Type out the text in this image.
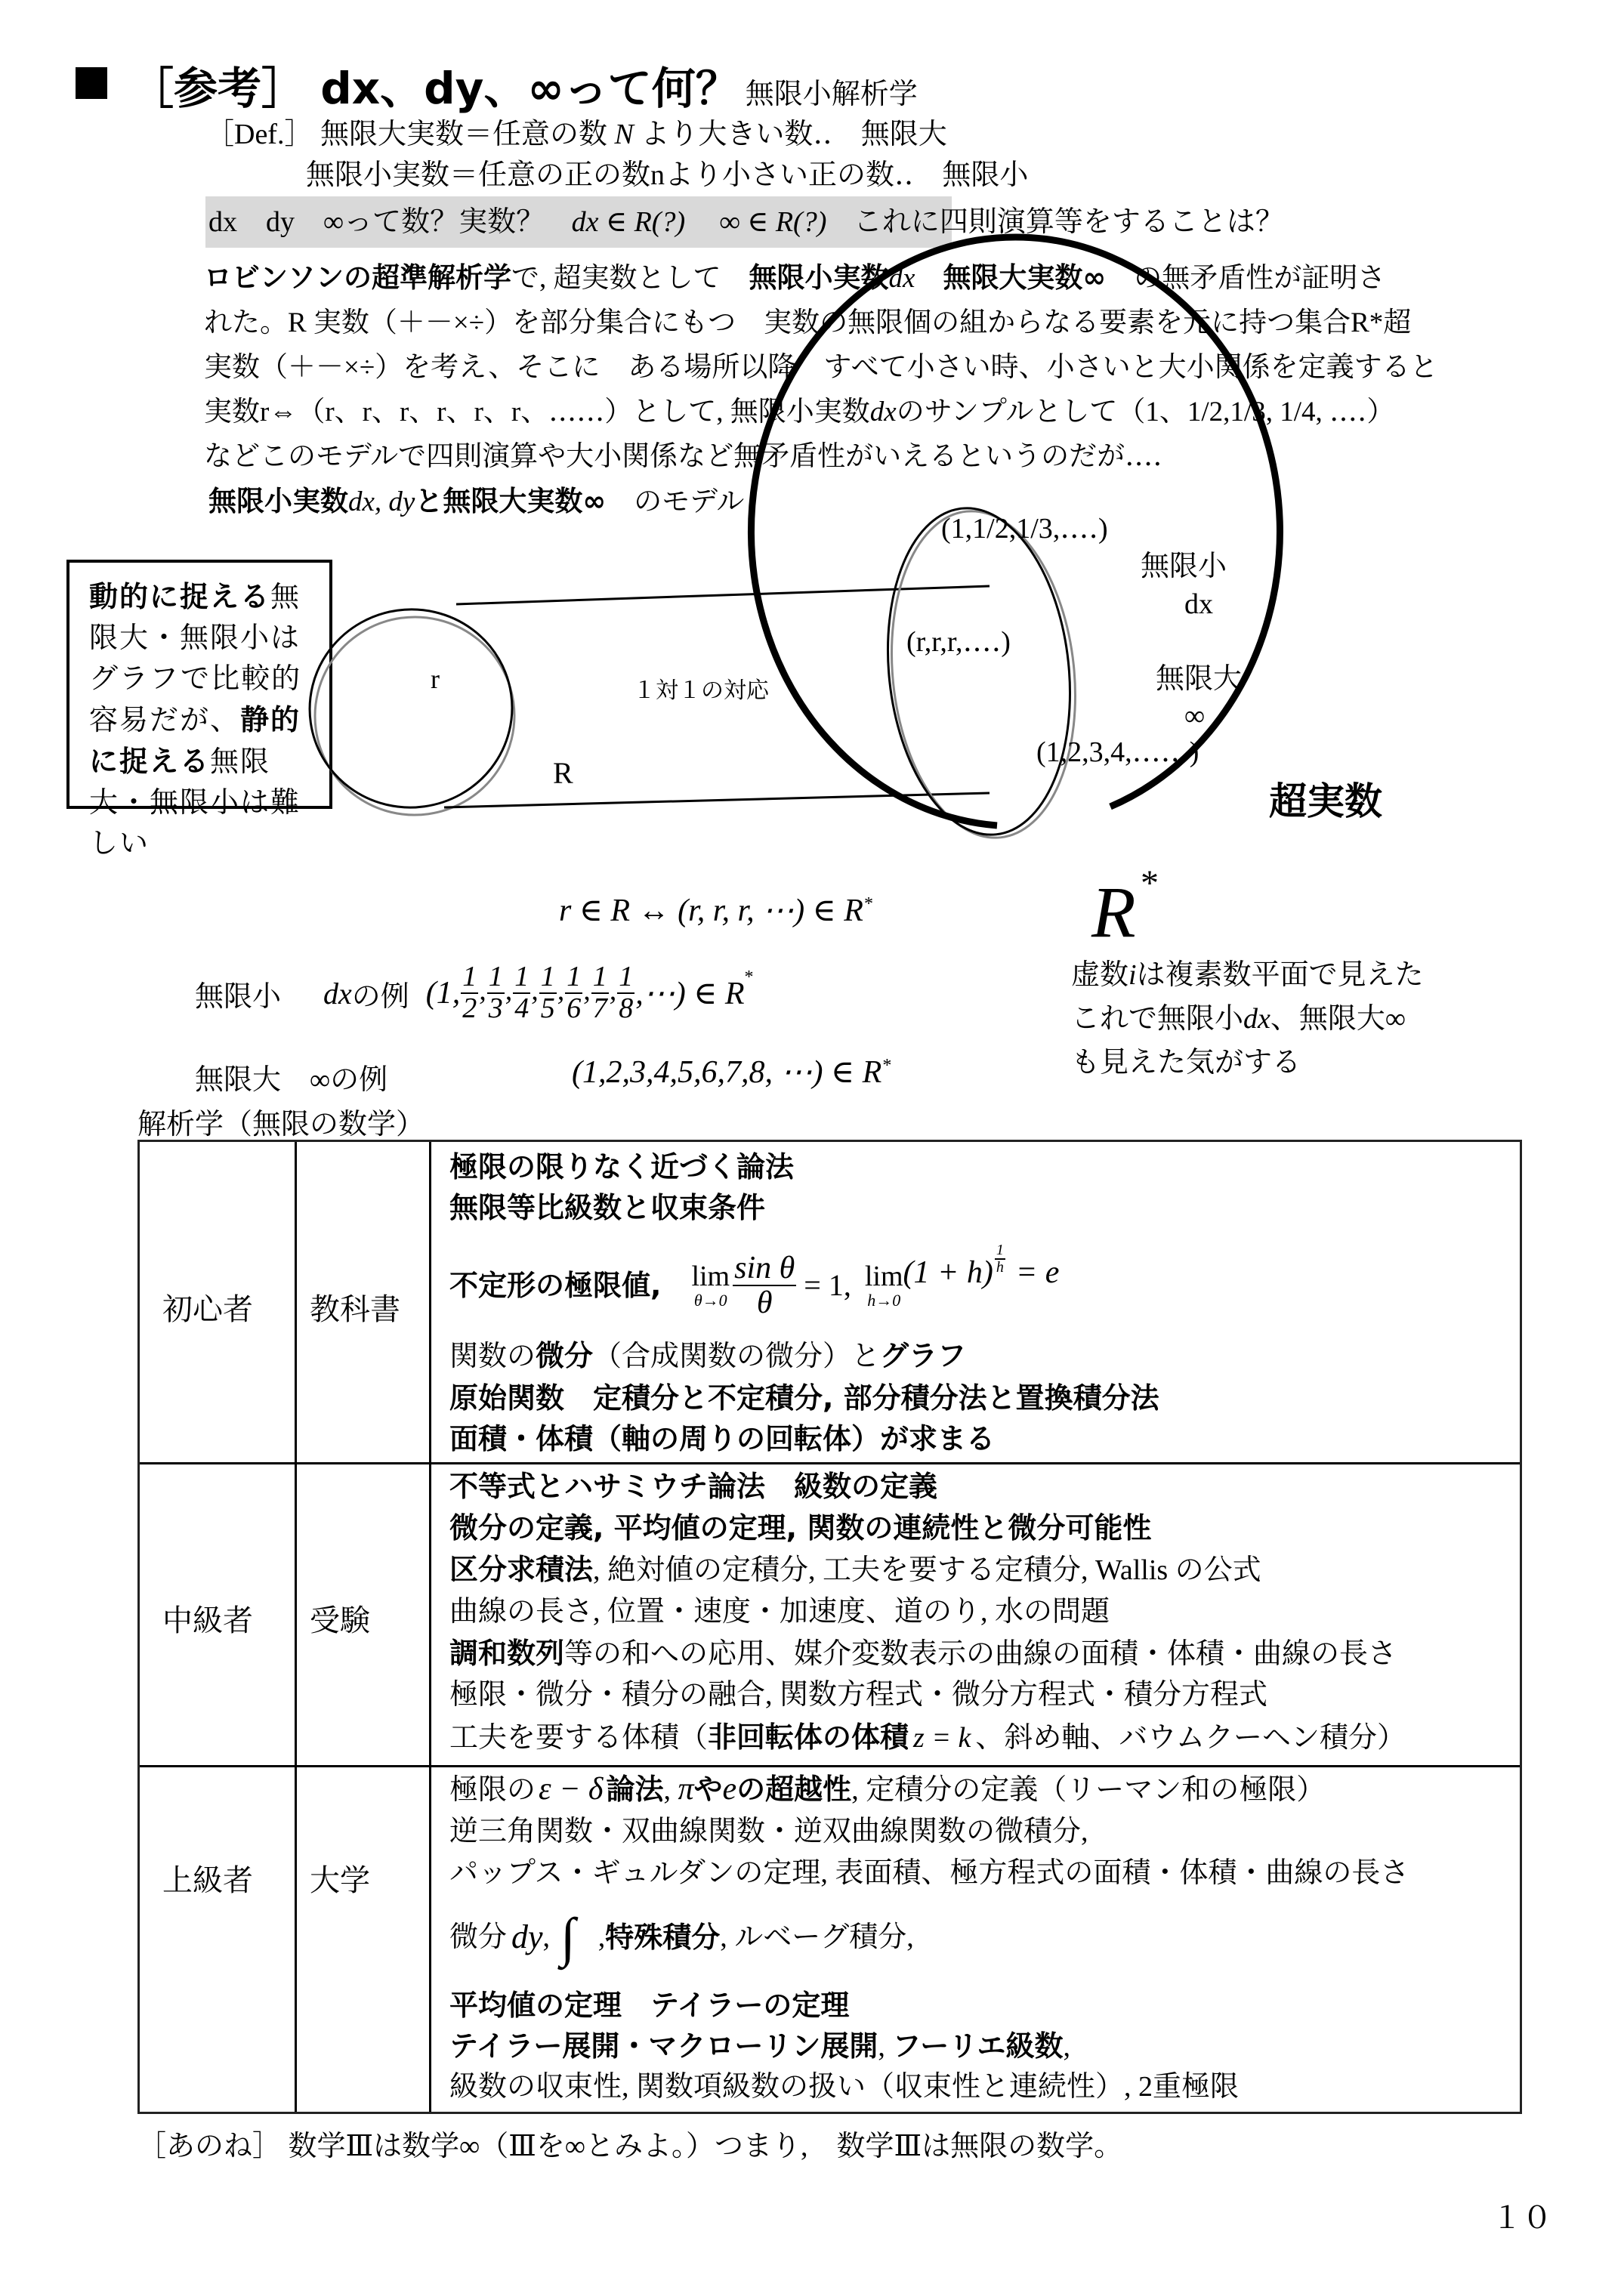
［参考］ dx、dy、∞って何？ 無限小解析学
［Def.］ 無限大実数＝任意の数 N より大きい数‥　無限大
無限小実数＝任意の正の数nより小さい正の数‥　無限小
dx　dy　∞って数？実数？ dx ∈ R(?) ∞ ∈ R(?) これに四則演算等をすることは？
ロビンソンの超準解析学で, 超実数として　無限小実数dx　 無限大実数∞　の無矛盾性が証明さ
れた。R 実数（＋－×÷）を部分集合にもつ　実数の無限個の組からなる要素を元に持つ集合R*超
実数（＋－×÷）を考え、そこに　ある場所以降　すべて小さい時、小さいと大小関係を定義すると
実数r⇔（r、r、r、r、r、r、‥‥‥）として, 無限小実数dxのサンプルとして（1、1/2,1/3, 1/4, ‥‥）
などこのモデルで四則演算や大小関係など無矛盾性がいえるというのだが‥‥
無限小実数dx, dyと無限大実数∞　のモデル
動的に捉える無限大・無限小はグラフで比較的容易だが、静的に捉える無限大・無限小は難しい
r
R
１対１の対応
(r,r,r,‥‥)
(1,1/2,1/3,‥‥)
無限小
dx
無限大
∞
(1,2,3,4,‥‥‥)
超実数
R *
r ∈ R ↔ (r, r, r, ⋯) ∈ R*
無限小　 dx の例 (1, $\frac{1}{2}$ , $\frac{1}{3}$ , $\frac{1}{4}$ , $\frac{1}{5}$ , $\frac{1}{6}$ , $\frac{1}{7}$ , $\frac{1}{8}$ ,⋯) ∈ R*
無限大　∞の例	(1,2,3,4,5,6,7,8, ⋯) ∈ R*
虚数iは複素数平面で見えた
これで無限小dx、無限大∞
も見えた気がする
解析学（無限の数学）
初心者 教科書
極限の限りなく近づく論法
無限等比級数と収束条件
不定形の極限値, lim
$\theta\to 0 \frac{\text{sin θ}}{\theta} = 1$, lim
h→0
$(1 + h) \frac{1}{h} = e$
関数の微分（合成関数の微分）とグラフ
原始関数　定積分と不定積分, 部分積分法と置換積分法
面積・体積（軸の周りの回転体）が求まる
中級者 受験
不等式とハサミウチ論法　級数の定義
微分の定義, 平均値の定理, 関数の連続性と微分可能性
区分求積法, 絶対値の定積分, 工夫を要する定積分, Wallis の公式
曲線の長さ, 位置・速度・加速度、道のり, 水の問題
調和数列等の和への応用、媒介変数表示の曲線の面積・体積・曲線の長さ
極限・微分・積分の融合, 関数方程式・微分方程式・積分方程式
工夫を要する体積（非回転体の体積 z = k 、斜め軸、バウムクーヘン積分）
上級者 大学
極限のε − δ 論法, πやeの超越性, 定積分の定義（リーマン和の極限）
逆三角関数・双曲線関数・逆双曲線関数の微積分,
パップス・ギュルダンの定理, 表面積、極方程式の面積・体積・曲線の長さ
微分 dy , ∫ , 特殊積分 , ルベーグ積分,
平均値の定理　テイラーの定理
テイラー展開・マクローリン展開, フーリエ級数,
級数の収束性, 関数項級数の扱い（収束性と連続性）, 2重極限
［あのね］ 数学Ⅲは数学∞（Ⅲを∞とみよ。）つまり,　数学Ⅲは無限の数学。
１０
